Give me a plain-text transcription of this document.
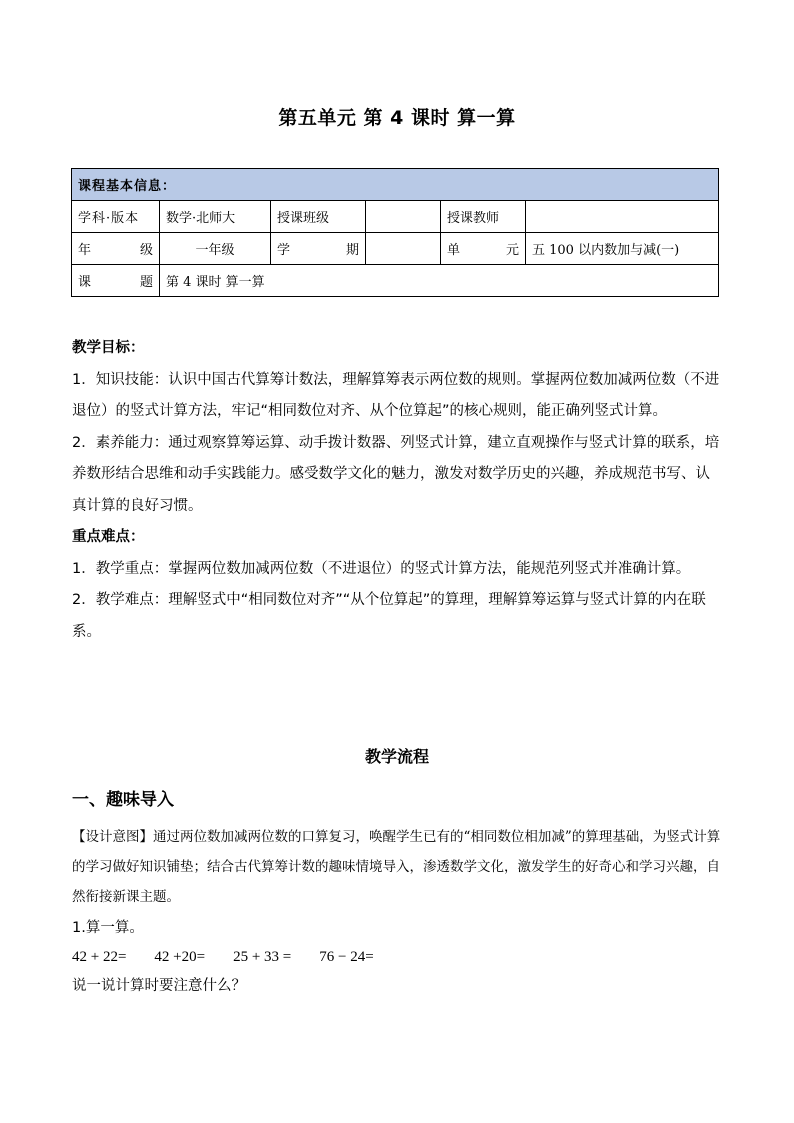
第五单元 第 4 课时 算一算
课程基本信息：					
学科·版本	数学·北师大	授课班级		授课教师	

年 级	一年级	学 期		单 元	五 100 以内数加与减(一)

课 题	第 4 课时 算一算				

教学目标：

1．知识技能：认识中国古代算筹计数法，理解算筹表示两位数的规则。掌握两位数加减两位数（不进退位）的竖式计算方法，牢记“相同数位对齐、从个位算起”的核心规则，能正确列竖式计算。

2．素养能力：通过观察算筹运算、动手拨计数器、列竖式计算，建立直观操作与竖式计算的联系，培养数形结合思维和动手实践能力。感受数学文化的魅力，激发对数学历史的兴趣，养成规范书写、认真计算的良好习惯。

重点难点：

1．教学重点：掌握两位数加减两位数（不进退位）的竖式计算方法，能规范列竖式并准确计算。

2．教学难点：理解竖式中“相同数位对齐”“从个位算起”的算理，理解算筹运算与竖式计算的内在联系。

教学流程
一、趣味导入

【设计意图】通过两位数加减两位数的口算复习，唤醒学生已有的“相同数位相加减”的算理基础，为竖式计算的学习做好知识铺垫；结合古代算筹计数的趣味情境导入，渗透数学文化，激发学生的好奇心和学习兴趣，自然衔接新课主题。

1.算一算。

42 + 22= 42 +20= 25 + 33 = 76 − 24=

说一说计算时要注意什么？
